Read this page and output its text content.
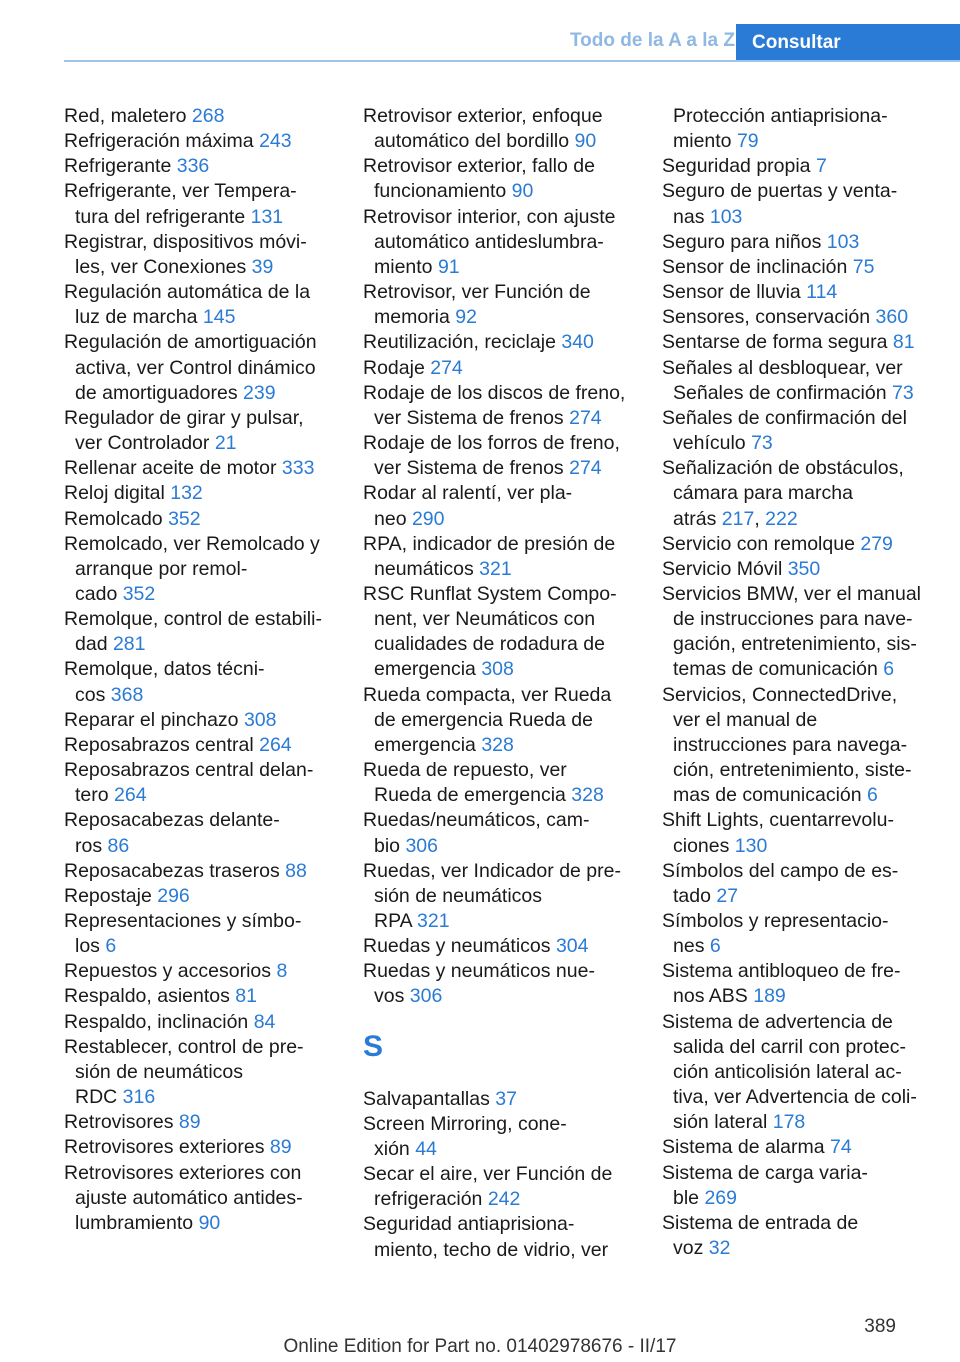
Todo de la A a la Z Consultar
Red, maletero 268
Refrigeración máxima 243
Refrigerante 336
Refrigerante, ver Tempera-
tura del refrigerante 131
Registrar, dispositivos móvi-
les, ver Conexiones 39
Regulación automática de la
luz de marcha 145
Regulación de amortiguación
activa, ver Control dinámico
de amortiguadores 239
Regulador de girar y pulsar,
ver Controlador 21
Rellenar aceite de motor 333
Reloj digital 132
Remolcado 352
Remolcado, ver Remolcado y
arranque por remol-
cado 352
Remolque, control de estabili-
dad 281
Remolque, datos técni-
cos 368
Reparar el pinchazo 308
Reposabrazos central 264
Reposabrazos central delan-
tero 264
Reposacabezas delante-
ros 86
Reposacabezas traseros 88
Repostaje 296
Representaciones y símbo-
los 6
Repuestos y accesorios 8
Respaldo, asientos 81
Respaldo, inclinación 84
Restablecer, control de pre-
sión de neumáticos
RDC 316
Retrovisores 89
Retrovisores exteriores 89
Retrovisores exteriores con
ajuste automático antides-
lumbramiento 90
Retrovisor exterior, enfoque
automático del bordillo 90
Retrovisor exterior, fallo de
funcionamiento 90
Retrovisor interior, con ajuste
automático antideslumbra-
miento 91
Retrovisor, ver Función de
memoria 92
Reutilización, reciclaje 340
Rodaje 274
Rodaje de los discos de freno,
ver Sistema de frenos 274
Rodaje de los forros de freno,
ver Sistema de frenos 274
Rodar al ralentí, ver pla-
neo 290
RPA, indicador de presión de
neumáticos 321
RSC Runflat System Compo-
nent, ver Neumáticos con
cualidades de rodadura de
emergencia 308
Rueda compacta, ver Rueda
de emergencia Rueda de
emergencia 328
Rueda de repuesto, ver
Rueda de emergencia 328
Ruedas/neumáticos, cam-
bio 306
Ruedas, ver Indicador de pre-
sión de neumáticos
RPA 321
Ruedas y neumáticos 304
Ruedas y neumáticos nue-
vos 306
S
Salvapantallas 37
Screen Mirroring, cone-
xión 44
Secar el aire, ver Función de
refrigeración 242
Seguridad antiaprisiona-
miento, techo de vidrio, ver
Protección antiaprisiona-
miento 79
Seguridad propia 7
Seguro de puertas y venta-
nas 103
Seguro para niños 103
Sensor de inclinación 75
Sensor de lluvia 114
Sensores, conservación 360
Sentarse de forma segura 81
Señales al desbloquear, ver
Señales de confirmación 73
Señales de confirmación del
vehículo 73
Señalización de obstáculos,
cámara para marcha
atrás 217, 222
Servicio con remolque 279
Servicio Móvil 350
Servicios BMW, ver el manual
de instrucciones para nave-
gación, entretenimiento, sis-
temas de comunicación 6
Servicios, ConnectedDrive,
ver el manual de
instrucciones para navega-
ción, entretenimiento, siste-
mas de comunicación 6
Shift Lights, cuentarrevolu-
ciones 130
Símbolos del campo de es-
tado 27
Símbolos y representacio-
nes 6
Sistema antibloqueo de fre-
nos ABS 189
Sistema de advertencia de
salida del carril con protec-
ción anticolisión lateral ac-
tiva, ver Advertencia de coli-
sión lateral 178
Sistema de alarma 74
Sistema de carga varia-
ble 269
Sistema de entrada de
voz 32
389
Online Edition for Part no. 01402978676 - II/17
